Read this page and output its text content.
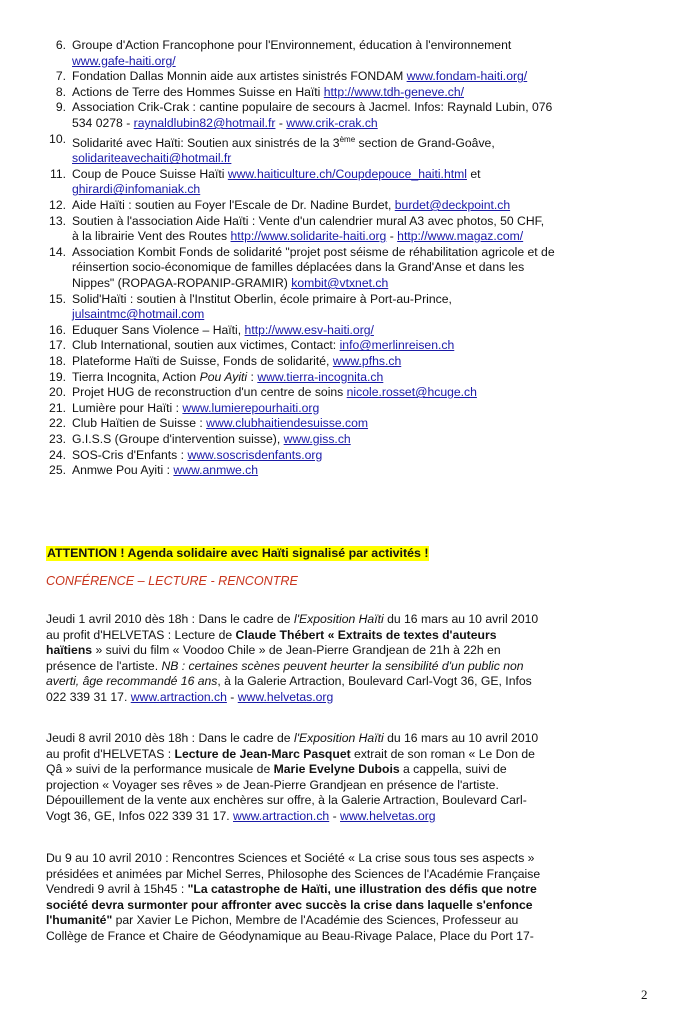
6. Groupe d'Action Francophone pour l'Environnement, éducation à l'environnement
www.gafe-haiti.org/
7. Fondation Dallas Monnin aide aux artistes sinistrés FONDAM www.fondam-haiti.org/
8. Actions de Terre des Hommes Suisse en Haïti http://www.tdh-geneve.ch/
9. Association Crik-Crak : cantine populaire de secours à Jacmel. Infos: Raynald Lubin, 076
534 0278 - raynaldlubin82@hotmail.fr - www.crik-crak.ch
10. Solidarité avec Haïti: Soutien aux sinistrés de la 3ème section de Grand-Goâve,
solidariteavechaiti@hotmail.fr
11. Coup de Pouce Suisse Haïti www.haiticulture.ch/Coupdepouce_haiti.html et
ghirardi@infomaniak.ch
12. Aide Haïti : soutien au Foyer l'Escale de Dr. Nadine Burdet, burdet@deckpoint.ch
13. Soutien à l'association Aide Haïti : Vente d'un calendrier mural A3 avec photos, 50 CHF,
à la librairie Vent des Routes http://www.solidarite-haiti.org - http://www.magaz.com/
14. Association Kombit Fonds de solidarité "projet post séisme de réhabilitation agricole et de
réinsertion socio-économique de familles déplacées dans la Grand'Anse et dans les
Nippes" (ROPAGA-ROPANIP-GRAMIR) kombit@vtxnet.ch
15. Solid'Haïti : soutien à l'Institut Oberlin, école primaire à Port-au-Prince,
julsaintmc@hotmail.com
16. Eduquer Sans Violence – Haïti, http://www.esv-haiti.org/
17. Club International, soutien aux victimes, Contact: info@merlinreisen.ch
18. Plateforme Haïti de Suisse, Fonds de solidarité, www.pfhs.ch
19. Tierra Incognita, Action Pou Ayiti : www.tierra-incognita.ch
20. Projet HUG de reconstruction d'un centre de soins nicole.rosset@hcuge.ch
21. Lumière pour Haïti : www.lumierepourhaiti.org
22. Club Haïtien de Suisse : www.clubhaitiendesuisse.com
23. G.I.S.S (Groupe d'intervention suisse), www.giss.ch
24. SOS-Cris d'Enfants : www.soscrisdenfants.org
25. Anmwe Pou Ayiti : www.anmwe.ch
ATTENTION ! Agenda solidaire avec Haïti signalisé par activités !
CONFÉRENCE – LECTURE - RENCONTRE

Jeudi 1 avril 2010 dès 18h : Dans le cadre de l'Exposition Haïti du 16 mars au 10 avril 2010
au profit d'HELVETAS : Lecture de Claude Thébert « Extraits de textes d'auteurs
haïtiens » suivi du film « Voodoo Chile » de Jean-Pierre Grandjean de 21h à 22h en
présence de l'artiste. NB : certaines scènes peuvent heurter la sensibilité d'un public non
averti, âge recommandé 16 ans, à la Galerie Artraction, Boulevard Carl-Vogt 36, GE, Infos
022 339 31 17. www.artraction.ch - www.helvetas.org

Jeudi 8 avril 2010 dès 18h : Dans le cadre de l'Exposition Haïti du 16 mars au 10 avril 2010
au profit d'HELVETAS : Lecture de Jean-Marc Pasquet extrait de son roman « Le Don de
Qâ » suivi de la performance musicale de Marie Evelyne Dubois a cappella, suivi de
projection « Voyager ses rêves » de Jean-Pierre Grandjean en présence de l'artiste.
Dépouillement de la vente aux enchères sur offre, à la Galerie Artraction, Boulevard Carl-
Vogt 36, GE, Infos 022 339 31 17. www.artraction.ch - www.helvetas.org

Du 9 au 10 avril 2010 : Rencontres Sciences et Société « La crise sous tous ses aspects »
présidées et animées par Michel Serres, Philosophe des Sciences de l'Académie Française
Vendredi 9 avril à 15h45 : "La catastrophe de Haïti, une illustration des défis que notre
société devra surmonter pour affronter avec succès la crise dans laquelle s'enfonce
l'humanité" par Xavier Le Pichon, Membre de l'Académie des Sciences, Professeur au
Collège de France et Chaire de Géodynamique au Beau-Rivage Palace, Place du Port 17-

2
